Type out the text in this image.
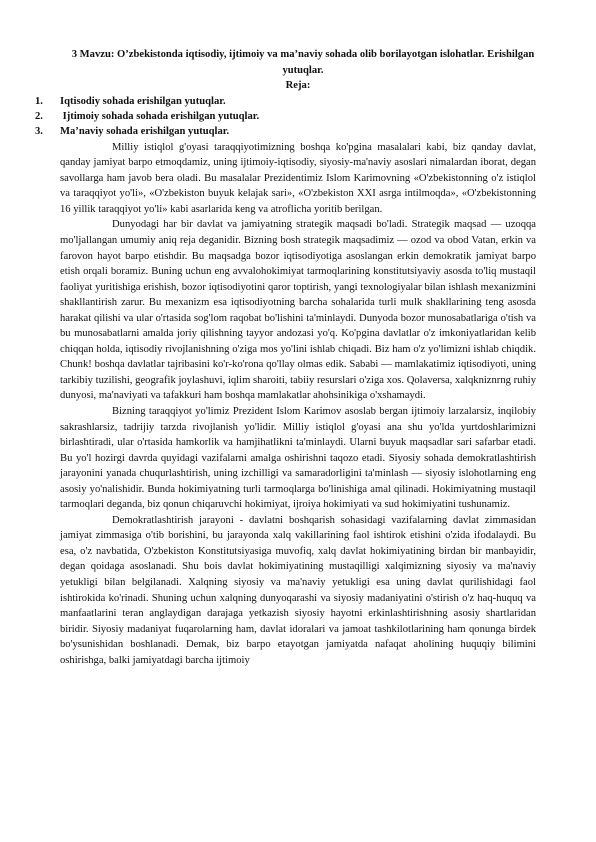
3 Mavzu: O’zbekistonda iqtisodiy, ijtimoiy va ma’naviy sohada olib borilayotgan islohatlar. Erishilgan yutuqlar.
Reja:
1. Iqtisodiy sohada erishilgan yutuqlar.
2. Ijtimoiy sohada sohada erishilgan yutuqlar.
3. Ma’naviy sohada erishilgan yutuqlar.

Milliy istiqlol g'oyasi taraqqiyotimizning boshqa ko'pgina masalalari kabi, biz qanday davlat, qanday jamiyat barpo etmoqdamiz, uning ijtimoiy-iqtisodiy, siyosiy-ma'naviy asoslari nimalardan iborat, degan savollarga ham javob bera oladi. Bu masalalar Prezidentimiz Islom Karimovning «O'zbekistonning o'z istiqlol va taraqqiyot yo'li», «O'zbekiston buyuk kelajak sari», «O'zbekiston XXI asrga intilmoqda», «O'zbekistonning 16 yillik taraqqiyot yo'li» kabi asarlarida keng va atroflicha yoritib berilgan.

Dunyodagi har bir davlat va jamiyatning strategik maqsadi bo'ladi. Strategik maqsad — uzoqqa mo'ljallangan umumiy aniq reja deganidir. Bizning bosh strategik maqsadimiz — ozod va obod Vatan, erkin va farovon hayot barpo etishdir. Bu maqsadga bozor iqtisodiyotiga asoslangan erkin demokratik jamiyat barpo etish orqali boramiz. Buning uchun eng avvalohokimiyat tarmoqlarining konstitutsiyaviy asosda to'liq mustaqil faoliyat yuritishiga erishish, bozor iqtisodiyotini qaror toptirish, yangi texnologiyalar bilan ishlash mexanizmini shakllantirish zarur. Bu mexanizm esa iqtisodiyotning barcha sohalarida turli mulk shakllarining teng asosda harakat qilishi va ular o'rtasida sog'lom raqobat bo'lishini ta'minlaydi. Dunyoda bozor munosabatlariga o'tish va bu munosabatlarni amalda joriy qilishning tayyor andozasi yo'q. Ko'pgina davlatlar o'z imkoniyatlaridan kelib chiqqan holda, iqtisodiy rivojlanishning o'ziga mos yo'lini ishlab chiqadi. Biz ham o'z yo'limizni ishlab chiqdik. Chunk! boshqa davlatlar tajribasini ko'r-ko'rona qo'llay olmas edik. Sababi — mamlakatimiz iqtisodiyoti, uning tarkibiy tuzilishi, geografik joylashuvi, iqlim sharoiti, tabiiy resurslari o'ziga xos. Qolaversa, xalqkniznrng ruhiy dunyosi, ma'naviyati va tafakkuri ham boshqa mamlakatlar ahohsinikiga o'xshamaydi.

Bizning taraqqiyot yo'limiz Prezident Islom Karimov asoslab bergan ijtimoiy larzalarsiz, inqilobiy sakrashlarsiz, tadrijiy tarzda rivojlanish yo'lidir. Milliy istiqlol g'oyasi ana shu yo'lda yurtdoshlarimizni birlashtiradi, ular o'rtasida hamkorlik va hamjihatlikni ta'minlaydi. Ularni buyuk maqsadlar sari safarbar etadi. Bu yo'l hozirgi davrda quyidagi vazifalarni amalga oshirishni taqozo etadi. Siyosiy sohada demokratlashtirish jarayonini yanada chuqurlashtirish, uning izchilligi va samaradorligini ta'minlash — siyosiy islohotlarning eng asosiy yo'nalishidir. Bunda hokimiyatning turli tarmoqlarga bo'linishiga amal qilinadi. Hokimiyatning mustaqil tarmoqlari deganda, biz qonun chiqaruvchi hokimiyat, ijroiya hokimiyati va sud hokimiyatini tushunamiz.

Demokratlashtirish jarayoni - davlatni boshqarish sohasidagi vazifalarning davlat zimmasidan jamiyat zimmasiga o'tib borishini, bu jarayonda xalq vakillarining faol ishtirok etishini o'zida ifodalaydi. Bu esa, o'z navbatida, O'zbekiston Konstitutsiyasiga muvofiq, xalq davlat hokimiyatining birdan bir manbayidir, degan qoidaga asoslanadi. Shu bois davlat hokimiyatining mustaqilligi xalqimizning siyosiy va ma'naviy yetukligi bilan belgilanadi. Xalqning siyosiy va ma'naviy yetukligi esa uning davlat qurilishidagi faol ishtirokida ko'rinadi. Shuning uchun xalqning dunyoqarashi va siyosiy madaniyatini o'stirish o'z haq-huquq va manfaatlarini teran anglaydigan darajaga yetkazish siyosiy hayotni erkinlashtirishning asosiy shartlaridan biridir. Siyosiy madaniyat fuqarolarning ham, davlat idoralari va jamoat tashkilotlarining ham qonunga birdek bo'ysunishidan boshlanadi. Demak, biz barpo etayotgan jamiyatda nafaqat aholining huquqiy bilimini oshirishga, balki jamiyatdagi barcha ijtimoiy
